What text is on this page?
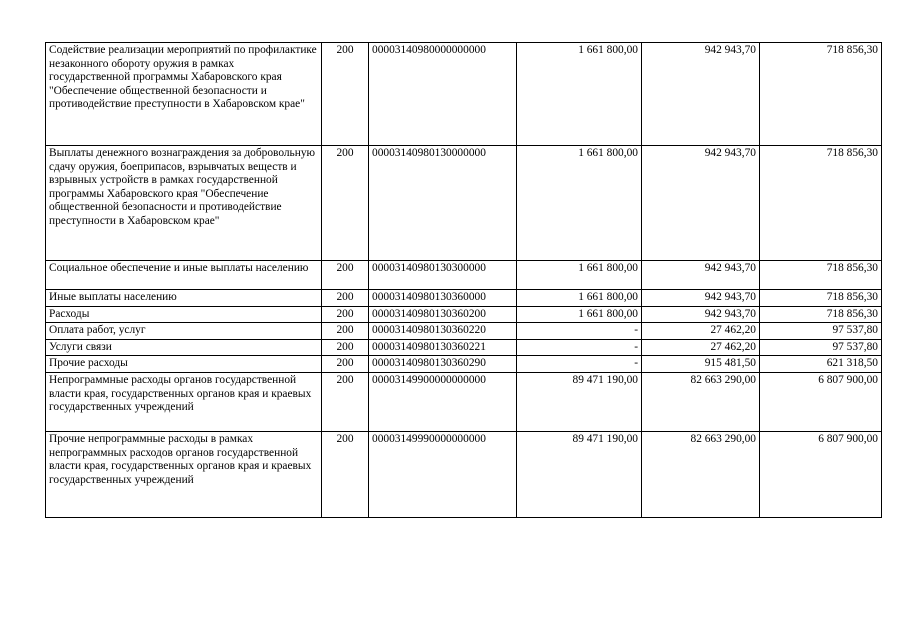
Содействие реализации мероприятий по профилактике незаконного обороту оружия в рамках государственной программы Хабаровского края "Обеспечение общественной безопасности и противодействие преступности в Хабаровском крае"	200	00003140980000000000	1 661 800,00	942 943,70	718 856,30
Выплаты денежного вознаграждения за добровольную сдачу оружия, боеприпасов, взрывчатых веществ и взрывных устройств в рамках государственной программы Хабаровского края "Обеспечение общественной безопасности и противодействие преступности в Хабаровском крае"	200	00003140980130000000	1 661 800,00	942 943,70	718 856,30
Социальное обеспечение и иные выплаты населению	200	00003140980130300000	1 661 800,00	942 943,70	718 856,30
Иные выплаты населению	200	00003140980130360000	1 661 800,00	942 943,70	718 856,30
Расходы	200	00003140980130360200	1 661 800,00	942 943,70	718 856,30
Оплата работ, услуг	200	00003140980130360220	-	27 462,20	97 537,80
Услуги связи	200	00003140980130360221	-	27 462,20	97 537,80
Прочие расходы	200	00003140980130360290	-	915 481,50	621 318,50
Непрограммные расходы органов государственной власти края, государственных органов края и краевых государственных учреждений	200	00003149900000000000	89 471 190,00	82 663 290,00	6 807 900,00
Прочие непрограммные расходы в рамках непрограммных расходов органов государственной власти края, государственных органов края и краевых государственных учреждений	200	00003149990000000000	89 471 190,00	82 663 290,00	6 807 900,00
